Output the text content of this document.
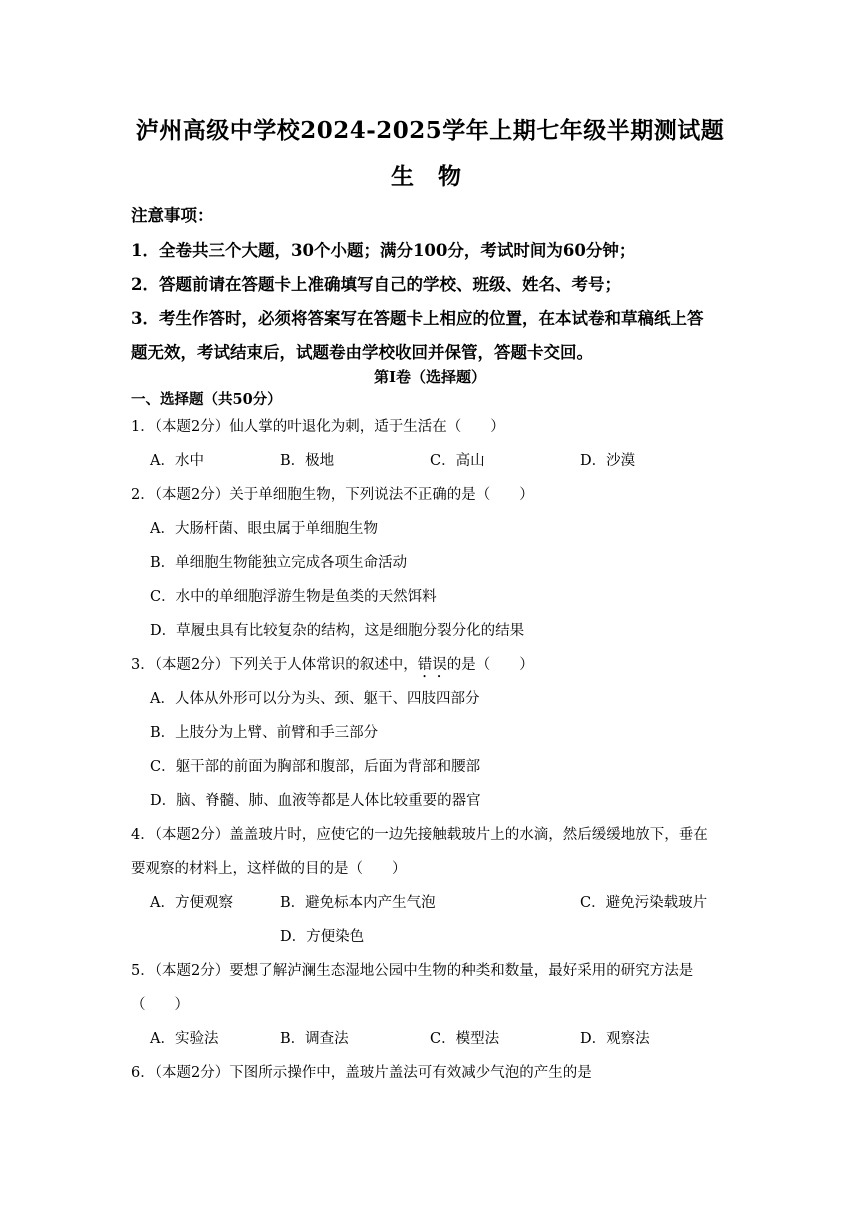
泸州高级中学校2024-2025学年上期七年级半期测试题
生 物
注意事项：
1．全卷共三个大题，30个小题；满分100分，考试时间为60分钟；
2．答题前请在答题卡上准确填写自己的学校、班级、姓名、考号；
3．考生作答时，必须将答案写在答题卡上相应的位置，在本试卷和草稿纸上答
题无效，考试结束后，试题卷由学校收回并保管，答题卡交回。
第Ⅰ卷（选择题）
一、选择题（共50分）
1．（本题2分）仙人掌的叶退化为刺，适于生活在（　　）
A．水中	B．极地	C．高山	D．沙漠
2．（本题2分）关于单细胞生物，下列说法不正确的是（　　）
A．大肠杆菌、眼虫属于单细胞生物
B．单细胞生物能独立完成各项生命活动
C．水中的单细胞浮游生物是鱼类的天然饵料
D．草履虫具有比较复杂的结构，这是细胞分裂分化的结果
3．（本题2分）下列关于人体常识的叙述中，错误的是（　　）
A．人体从外形可以分为头、颈、躯干、四肢四部分
B．上肢分为上臂、前臂和手三部分
C．躯干部的前面为胸部和腹部，后面为背部和腰部
D．脑、脊髓、肺、血液等都是人体比较重要的器官
4．（本题2分）盖盖玻片时，应使它的一边先接触载玻片上的水滴，然后缓缓地放下，垂在
要观察的材料上，这样做的目的是（　　）
A．方便观察	B．避免标本内产生气泡	C．避免污染载玻片
D．方便染色
5．（本题2分）要想了解泸澜生态湿地公园中生物的种类和数量，最好采用的研究方法是
（　　）
A．实验法	B．调查法	C．模型法	D．观察法
6．（本题2分）下图所示操作中，盖玻片盖法可有效减少气泡的产生的是
